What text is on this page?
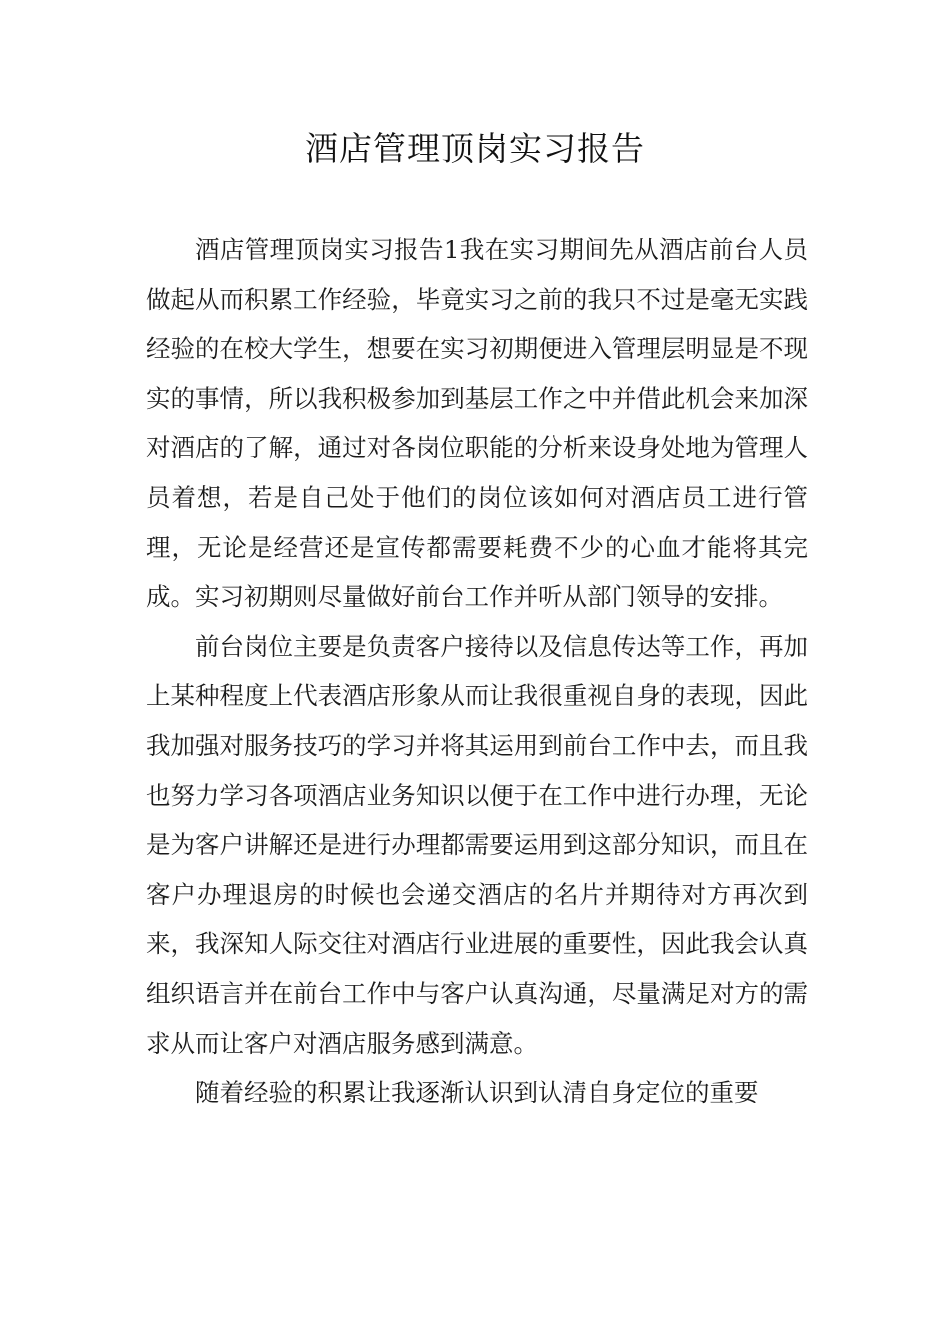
酒店管理顶岗实习报告

酒店管理顶岗实习报告1我在实习期间先从酒店前台人员做起从而积累工作经验，毕竟实习之前的我只不过是毫无实践经验的在校大学生，想要在实习初期便进入管理层明显是不现实的事情，所以我积极参加到基层工作之中并借此机会来加深对酒店的了解，通过对各岗位职能的分析来设身处地为管理人员着想，若是自己处于他们的岗位该如何对酒店员工进行管理，无论是经营还是宣传都需要耗费不少的心血才能将其完成。实习初期则尽量做好前台工作并听从部门领导的安排。

前台岗位主要是负责客户接待以及信息传达等工作，再加上某种程度上代表酒店形象从而让我很重视自身的表现，因此我加强对服务技巧的学习并将其运用到前台工作中去，而且我也努力学习各项酒店业务知识以便于在工作中进行办理，无论是为客户讲解还是进行办理都需要运用到这部分知识，而且在客户办理退房的时候也会递交酒店的名片并期待对方再次到来，我深知人际交往对酒店行业进展的重要性，因此我会认真组织语言并在前台工作中与客户认真沟通，尽量满足对方的需求从而让客户对酒店服务感到满意。

随着经验的积累让我逐渐认识到认清自身定位的重要
